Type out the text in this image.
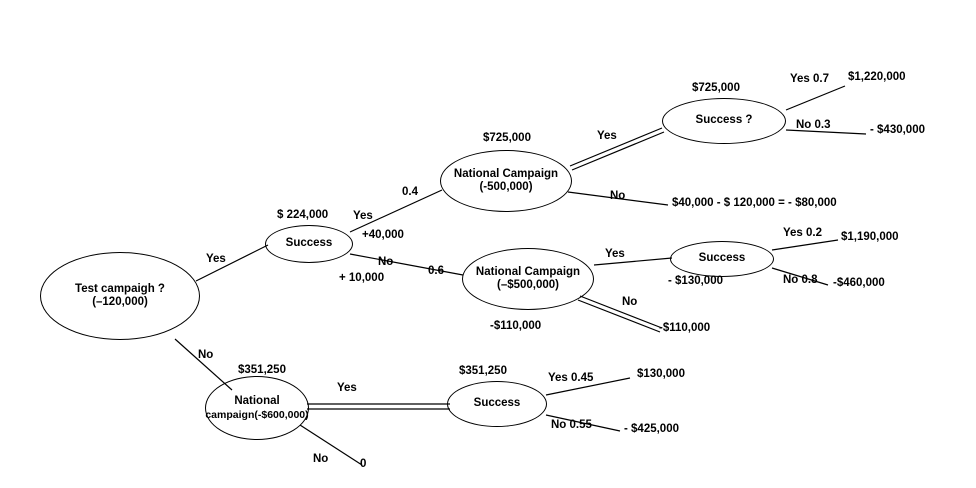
Test campaigh ?
(–120,000)
Success
National Campaign
(-500,000)
Success ?
National Campaign
(–$500,000)
Success
National
campaign(-$600,000)
Success
Yes
No
$ 224,000 Yes
+40,000
No
+ 10,000
0.4
0.6
$725,000	Yes
No
$40,000 - $ 120,000 = - $80,000
$725,000
Yes 0.7 $1,220,000
No 0.3	- $430,000
Yes
No
-$110,000	-$110,000
- $130,000
Yes 0.2 $1,190,000
No 0.8 -$460,000
$351,250
Yes
No	0
$351,250
Yes 0.45	$130,000
No 0.55	- $425,000
